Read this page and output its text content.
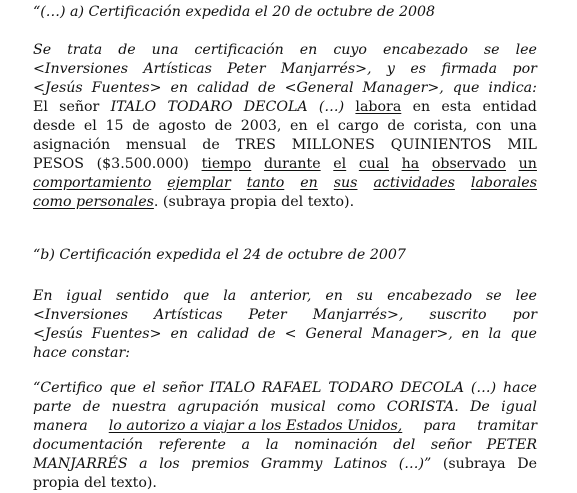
“(…) a) Certificación expedida el 20 de octubre de 2008
Se trata de una certificación en cuyo encabezado se lee
<Inversiones Artísticas Peter Manjarrés>, y es firmada por
<Jesús Fuentes> en calidad de <General Manager>, que indica:
El señor ITALO TODARO DECOLA (…) labora en esta entidad
desde el 15 de agosto de 2003, en el cargo de corista, con una
asignación mensual de TRES MILLONES QUINIENTOS MIL
PESOS ($3.500.000) tiempo durante el cual ha observado un
comportamiento ejemplar tanto en sus actividades laborales
como personales. (subraya propia del texto).
“b) Certificación expedida el 24 de octubre de 2007
En igual sentido que la anterior, en su encabezado se lee
<Inversiones Artísticas Peter Manjarrés>, suscrito por
<Jesús Fuentes> en calidad de < General Manager>, en la que
hace constar:
“Certifico que el señor ITALO RAFAEL TODARO DECOLA (…) hace
parte de nuestra agrupación musical como CORISTA. De igual
manera lo autorizo a viajar a los Estados Unidos, para tramitar
documentación referente a la nominación del señor PETER
MANJARRÉS a los premios Grammy Latinos (…)” (subraya De
propia del texto).
